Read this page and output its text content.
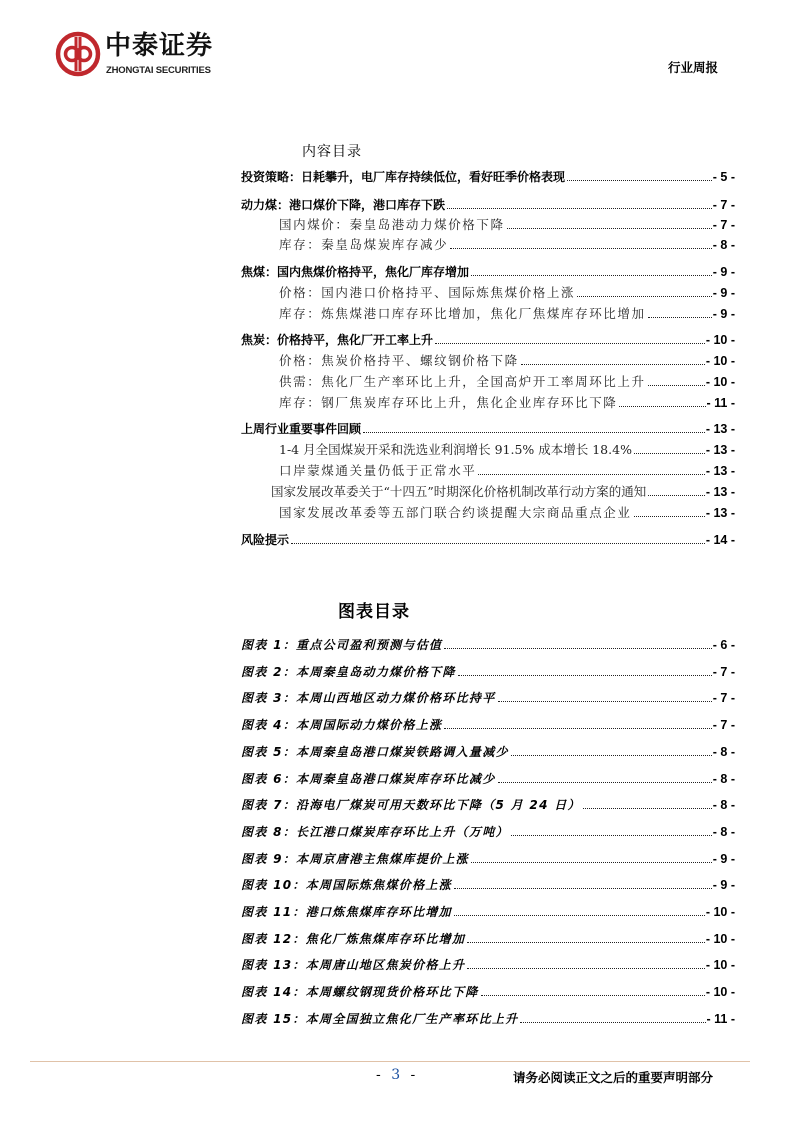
中泰证券
ZHONGTAI SECURITIES	行业周报
内容目录
投资策略：日耗攀升，电厂库存持续低位，看好旺季价格表现	- 5 -
动力煤：港口煤价下降，港口库存下跌	- 7 -
国内煤价：秦皇岛港动力煤价格下降	- 7 -
库存：秦皇岛煤炭库存减少	- 8 -
焦煤：国内焦煤价格持平，焦化厂库存增加	- 9 -
价格：国内港口价格持平、国际炼焦煤价格上涨	- 9 -
库存：炼焦煤港口库存环比增加，焦化厂焦煤库存环比增加	- 9 -
焦炭：价格持平，焦化厂开工率上升	- 10 -
价格：焦炭价格持平、螺纹钢价格下降	- 10 -
供需：焦化厂生产率环比上升，全国高炉开工率周环比上升	- 10 -
库存：钢厂焦炭库存环比上升，焦化企业库存环比下降	- 11 -
上周行业重要事件回顾	- 13 -
1-4 月全国煤炭开采和洗选业利润增长 91.5% 成本增长 18.4%	- 13 -
口岸蒙煤通关量仍低于正常水平	- 13 -
国家发展改革委关于“十四五”时期深化价格机制改革行动方案的通知	- 13 -
国家发展改革委等五部门联合约谈提醒大宗商品重点企业	- 13 -
风险提示	- 14 -
图表目录
图表 1：重点公司盈利预测与估值	- 6 -
图表 2：本周秦皇岛动力煤价格下降	- 7 -
图表 3：本周山西地区动力煤价格环比持平	- 7 -
图表 4：本周国际动力煤价格上涨	- 7 -
图表 5：本周秦皇岛港口煤炭铁路调入量减少	- 8 -
图表 6：本周秦皇岛港口煤炭库存环比减少	- 8 -
图表 7：沿海电厂煤炭可用天数环比下降（5 月 24 日）	- 8 -
图表 8：长江港口煤炭库存环比上升（万吨）	- 8 -
图表 9：本周京唐港主焦煤库提价上涨	- 9 -
图表 10：本周国际炼焦煤价格上涨	- 9 -
图表 11：港口炼焦煤库存环比增加	- 10 -
图表 12：焦化厂炼焦煤库存环比增加	- 10 -
图表 13：本周唐山地区焦炭价格上升	- 10 -
图表 14：本周螺纹钢现货价格环比下降	- 10 -
图表 15：本周全国独立焦化厂生产率环比上升	- 11 -
- 3 -	请务必阅读正文之后的重要声明部分
